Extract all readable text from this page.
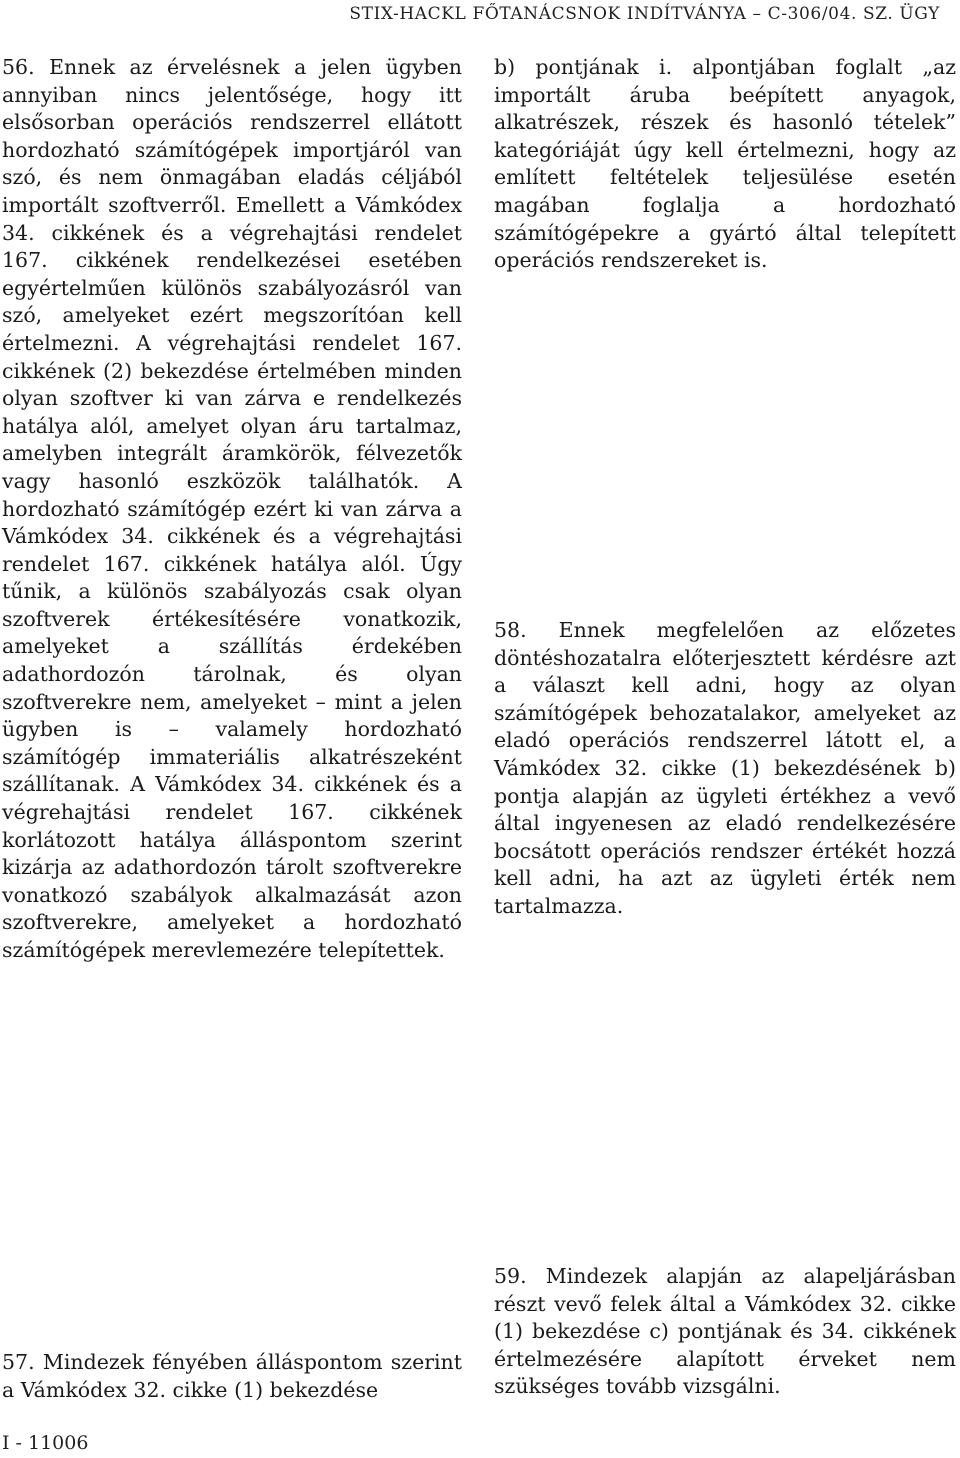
STIX-HACKL FŐTANÁCSNOK INDÍTVÁNYA – C-306/04. SZ. ÜGY

56. Ennek az érvelésnek a jelen ügyben annyiban nincs jelentősége, hogy itt elsősorban operációs rendszerrel ellátott hordozható számítógépek importjáról van szó, és nem önmagában eladás céljából importált szoftverről. Emellett a Vámkódex 34. cikkének és a végrehajtási rendelet 167. cikkének rendelkezései esetében egyértelműen különös szabályozásról van szó, amelyeket ezért megszorítóan kell értelmezni. A végrehajtási rendelet 167. cikkének (2) bekezdése értelmében minden olyan szoftver ki van zárva e rendelkezés hatálya alól, amelyet olyan áru tartalmaz, amelyben integrált áramkörök, félvezetők vagy hasonló eszközök találhatók. A hordozható számítógép ezért ki van zárva a Vámkódex 34. cikkének és a végrehajtási rendelet 167. cikkének hatálya alól. Úgy tűnik, a különös szabályozás csak olyan szoftverek értékesítésére vonatkozik, amelyeket a szállítás érdekében adathordozón tárolnak, és olyan szoftverekre nem, amelyeket – mint a jelen ügyben is – valamely hordozható számítógép immateriális alkatrészeként szállítanak. A Vámkódex 34. cikkének és a végrehajtási rendelet 167. cikkének korlátozott hatálya álláspontom szerint kizárja az adathordozón tárolt szoftverekre vonatkozó szabályok alkalmazását azon szoftverekre, amelyeket a hordozható számítógépek merevlemezére telepítettek.

57. Mindezek fényében álláspontom szerint a Vámkódex 32. cikke (1) bekezdése

b) pontjának i. alpontjában foglalt „az importált áruba beépített anyagok, alkatrészek, részek és hasonló tételek” kategóriáját úgy kell értelmezni, hogy az említett feltételek teljesülése esetén magában foglalja a hordozható számítógépekre a gyártó által telepített operációs rendszereket is.

58. Ennek megfelelően az előzetes döntéshozatalra előterjesztett kérdésre azt a választ kell adni, hogy az olyan számítógépek behozatalakor, amelyeket az eladó operációs rendszerrel látott el, a Vámkódex 32. cikke (1) bekezdésének b) pontja alapján az ügyleti értékhez a vevő által ingyenesen az eladó rendelkezésére bocsátott operációs rendszer értékét hozzá kell adni, ha azt az ügyleti érték nem tartalmazza.

59. Mindezek alapján az alapeljárásban részt vevő felek által a Vámkódex 32. cikke (1) bekezdése c) pontjának és 34. cikkének értelmezésére alapított érveket nem szükséges tovább vizsgálni.

I - 11006
